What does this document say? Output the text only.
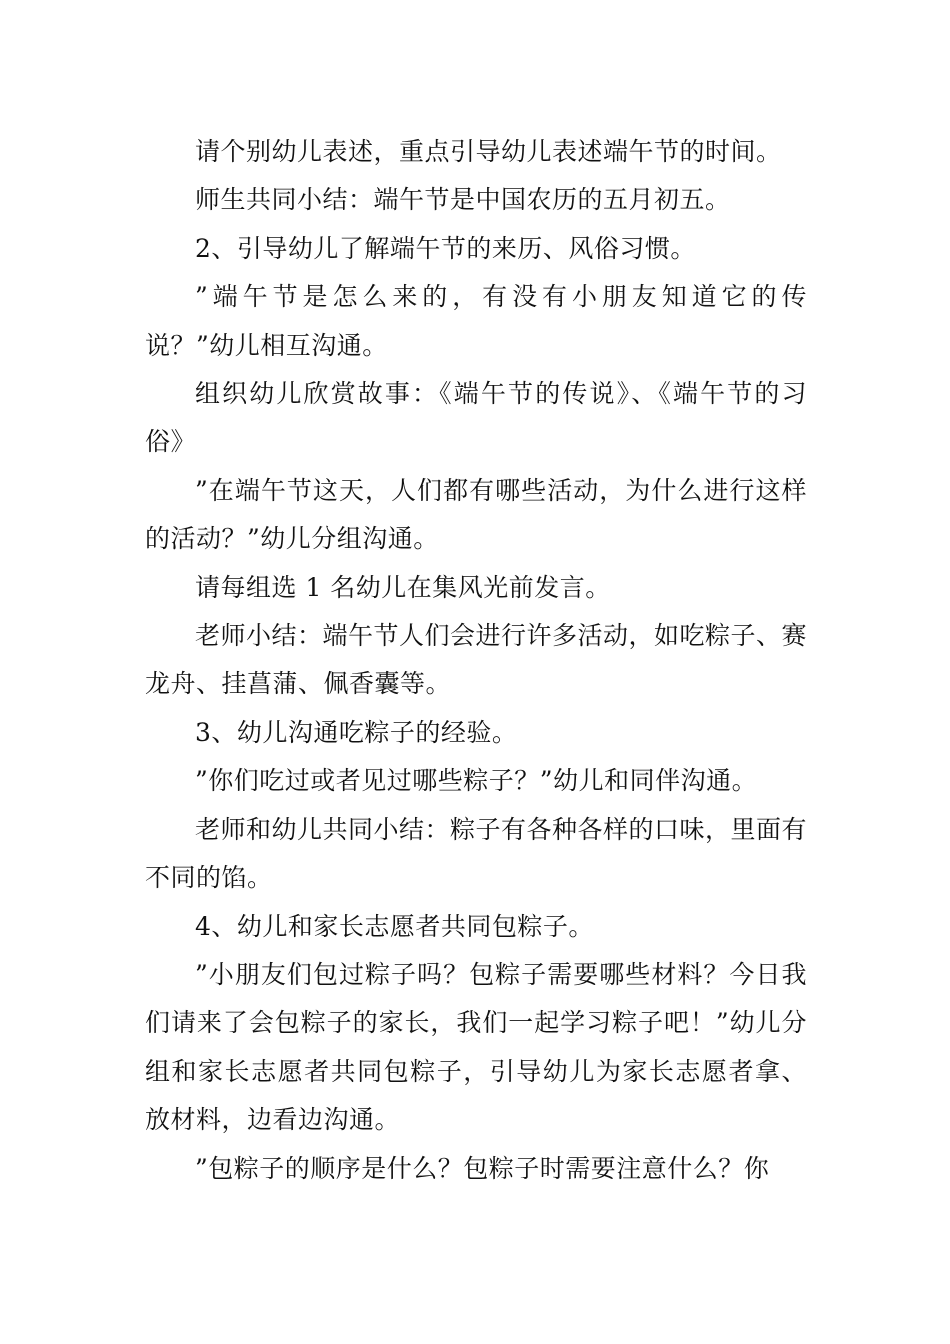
请个别幼儿表述，重点引导幼儿表述端午节的时间。

师生共同小结：端午节是中国农历的五月初五。

2、引导幼儿了解端午节的来历、风俗习惯。

”端午节是怎么来的，有没有小朋友知道它的传说？”幼儿相互沟通。

组织幼儿欣赏故事：《端午节的传说》、《端午节的习俗》

”在端午节这天，人们都有哪些活动，为什么进行这样的活动？”幼儿分组沟通。

请每组选 1 名幼儿在集风光前发言。

老师小结：端午节人们会进行许多活动，如吃粽子、赛龙舟、挂菖蒲、佩香囊等。

3、幼儿沟通吃粽子的经验。

”你们吃过或者见过哪些粽子？”幼儿和同伴沟通。

老师和幼儿共同小结：粽子有各种各样的口味，里面有不同的馅。

4、幼儿和家长志愿者共同包粽子。

”小朋友们包过粽子吗？包粽子需要哪些材料？今日我们请来了会包粽子的家长，我们一起学习粽子吧！”幼儿分组和家长志愿者共同包粽子，引导幼儿为家长志愿者拿、放材料，边看边沟通。

”包粽子的顺序是什么？包粽子时需要注意什么？你
